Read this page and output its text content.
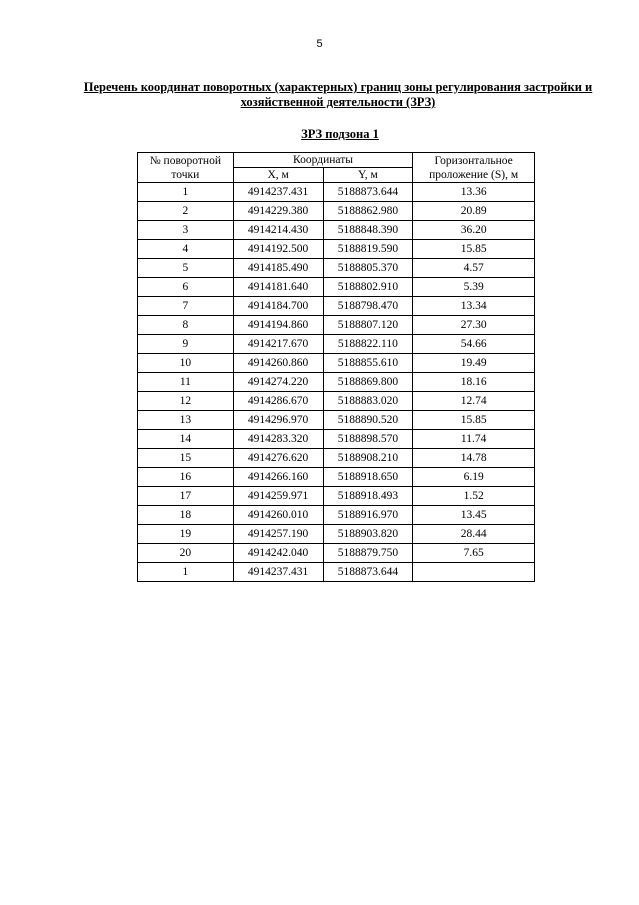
5
Перечень координат поворотных (характерных) границ зоны регулирования застройки и хозяйственной деятельности (ЗРЗ)
ЗРЗ подзона 1
№ поворотной точки	Координаты		Горизонтальное проложение (S), м
	X, м	Y, м	
1	4914237.431	5188873.644	13.36
2	4914229.380	5188862.980	20.89
3	4914214.430	5188848.390	36.20
4	4914192.500	5188819.590	15.85
5	4914185.490	5188805.370	4.57
6	4914181.640	5188802.910	5.39
7	4914184.700	5188798.470	13.34
8	4914194.860	5188807.120	27.30
9	4914217.670	5188822.110	54.66
10	4914260.860	5188855.610	19.49
11	4914274.220	5188869.800	18.16
12	4914286.670	5188883.020	12.74
13	4914296.970	5188890.520	15.85
14	4914283.320	5188898.570	11.74
15	4914276.620	5188908.210	14.78
16	4914266.160	5188918.650	6.19
17	4914259.971	5188918.493	1.52
18	4914260.010	5188916.970	13.45
19	4914257.190	5188903.820	28.44
20	4914242.040	5188879.750	7.65
1	4914237.431	5188873.644	
